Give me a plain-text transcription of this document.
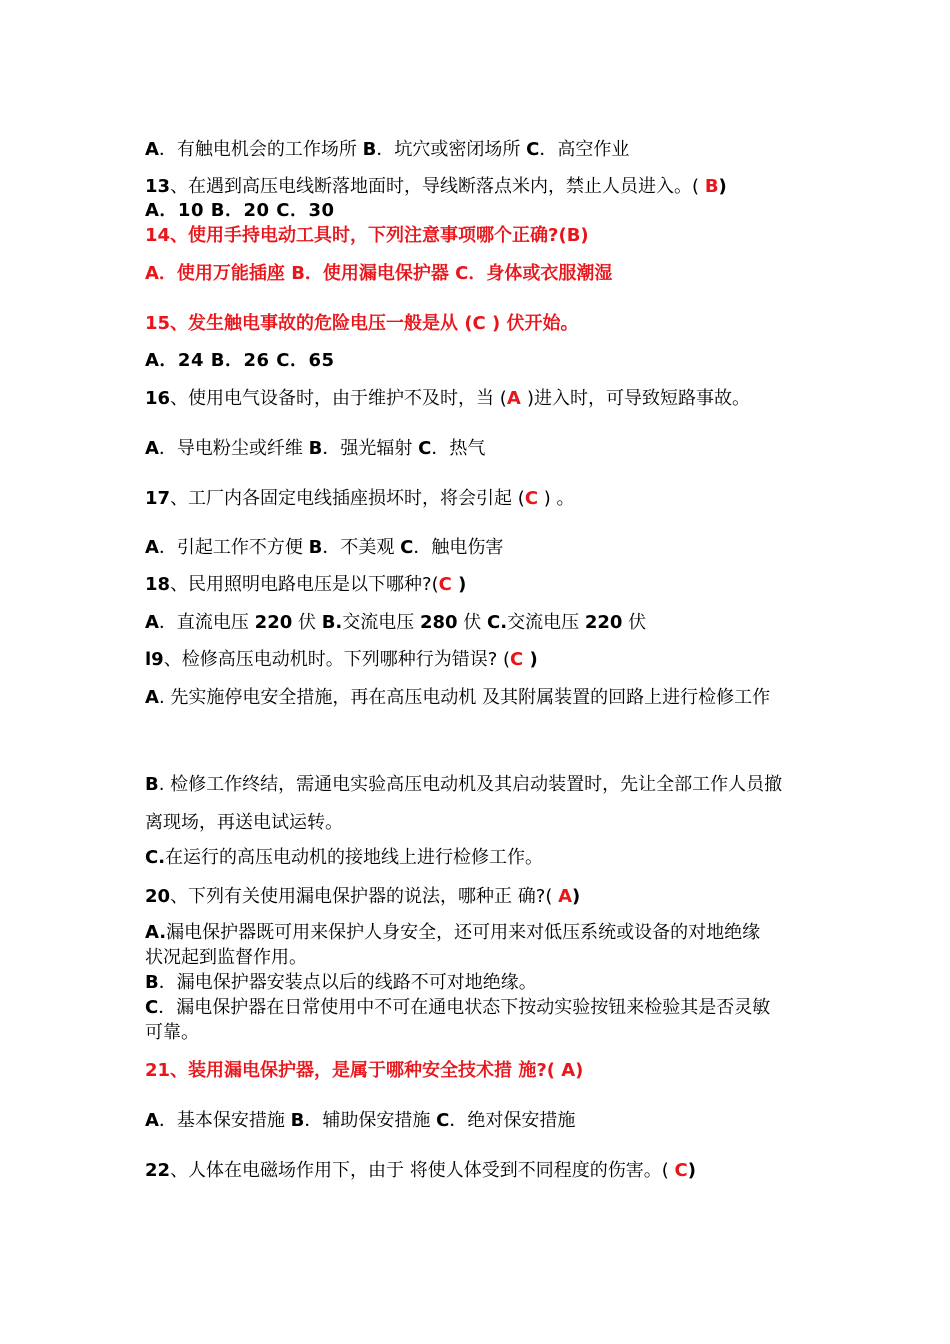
A．有触电机会的工作场所 B．坑穴或密闭场所 C．高空作业
13、在遇到高压电线断落地面时，导线断落点米内，禁止人员进入。( B)
A．10 B．20 C．30
14、使用手持电动工具时，下列注意事项哪个正确?(B)
A．使用万能插座 B．使用漏电保护器 C．身体或衣服潮湿
15、发生触电事故的危险电压一般是从 (C ) 伏开始。
A．24 B．26 C．65
16、使用电气设备时，由于维护不及时，当 (A )进入时，可导致短路事故。
A．导电粉尘或纤维 B．强光辐射 C．热气
17、工厂内各固定电线插座损坏时，将会引起 (C ) 。
A．引起工作不方便 B．不美观 C．触电伤害
18、民用照明电路电压是以下哪种?(C )
A．直流电压 220 伏 B.交流电压 280 伏 C.交流电压 220 伏
l9、检修高压电动机时。下列哪种行为错误? (C )
A. 先实施停电安全措施，再在高压电动机 及其附属装置的回路上进行检修工作
B. 检修工作终结，需通电实验高压电动机及其启动装置时，先让全部工作人员撤
离现场，再送电试运转。
C.在运行的高压电动机的接地线上进行检修工作。
20、下列有关使用漏电保护器的说法，哪种正 确?( A)
A.漏电保护器既可用来保护人身安全，还可用来对低压系统或设备的对地绝缘
状况起到监督作用。
B．漏电保护器安装点以后的线路不可对地绝缘。
C．漏电保护器在日常使用中不可在通电状态下按动实验按钮来检验其是否灵敏
可靠。
21、装用漏电保护器，是属于哪种安全技术措 施?( A)
A．基本保安措施 B．辅助保安措施 C．绝对保安措施
22、人体在电磁场作用下，由于 将使人体受到不同程度的伤害。( C)
